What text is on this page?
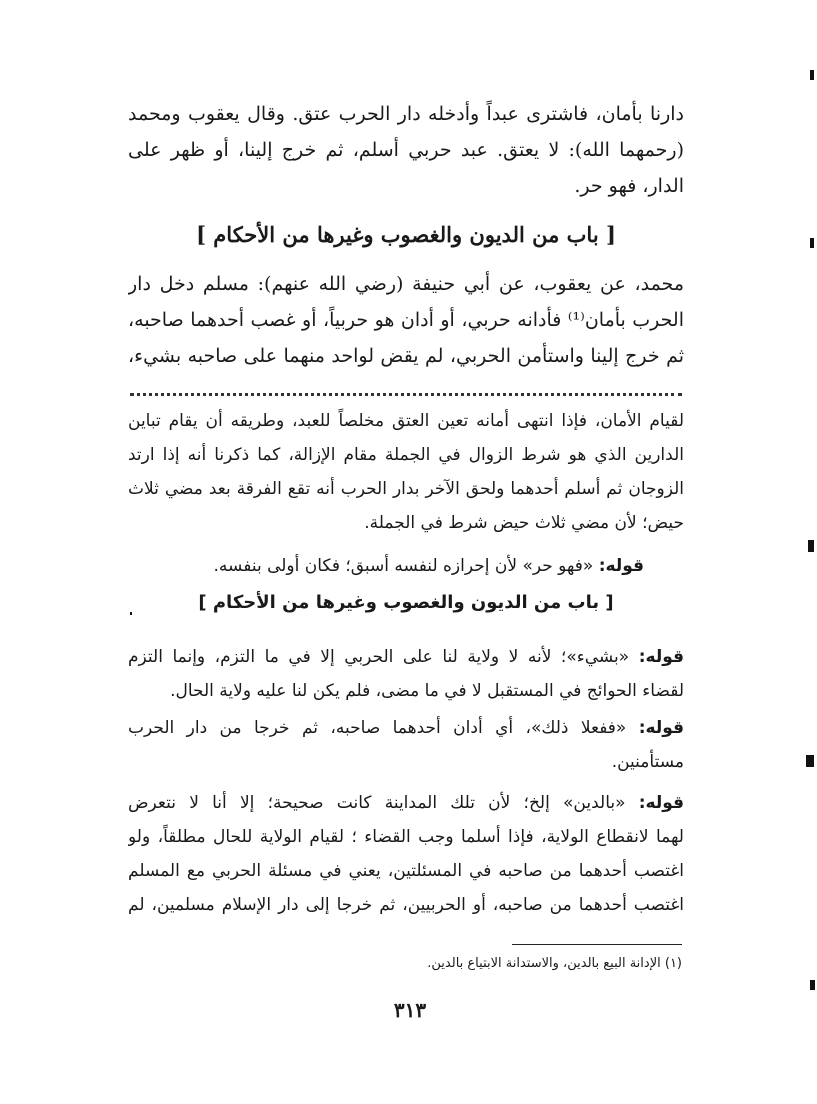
دارنا بأمان، فاشترى عبداً وأدخله دار الحرب عتق. وقال يعقوب ومحمد
(رحمهما الله): لا يعتق. عبد حربي أسلم، ثم خرج إلينا، أو ظهر على
الدار، فهو حر.
[ باب من الديون والغصوب وغيرها من الأحكام ]
محمد، عن يعقوب، عن أبي حنيفة (رضي الله عنهم): مسلم دخل دار
الحرب بأمان⁽¹⁾ فأدانه حربي، أو أدان هو حربياً، أو غصب أحدهما صاحبه،
ثم خرج إلينا واستأمن الحربي، لم يقض لواحد منهما على صاحبه بشيء،
لقيام الأمان، فإذا انتهى أمانه تعين العتق مخلصاً للعبد، وطريقه أن يقام تباين
الدارين الذي هو شرط الزوال في الجملة مقام الإزالة، كما ذكرنا أنه إذا ارتد
الزوجان ثم أسلم أحدهما ولحق الآخر بدار الحرب أنه تقع الفرقة بعد مضي ثلاث
حيض؛ لأن مضي ثلاث حيض شرط في الجملة.
قوله: «فهو حر» لأن إحرازه لنفسه أسبق؛ فكان أولى بنفسه.
[ باب من الديون والغصوب وغيرها من الأحكام ]
قوله: «بشيء»؛ لأنه لا ولاية لنا على الحربي إلا في ما التزم، وإنما التزم
لقضاء الحوائج في المستقبل لا في ما مضى، فلم يكن لنا عليه ولاية الحال.
قوله: «ففعلا ذلك»، أي أدان أحدهما صاحبه، ثم خرجا من دار الحرب
مستأمنين.
قوله: «بالدين» إلخ؛ لأن تلك المداينة كانت صحيحة؛ إلا أنا لا نتعرض
لهما لانقطاع الولاية، فإذا أسلما وجب القضاء ؛ لقيام الولاية للحال مطلقاً، ولو
اغتصب أحدهما من صاحبه في المسئلتين، يعني في مسئلة الحربي مع المسلم
اغتصب أحدهما من صاحبه، أو الحربيين، ثم خرجا إلى دار الإسلام مسلمين، لم
(١) الإدانة البيع بالدين، والاستدانة الابتياع بالدين.
٣١٣
